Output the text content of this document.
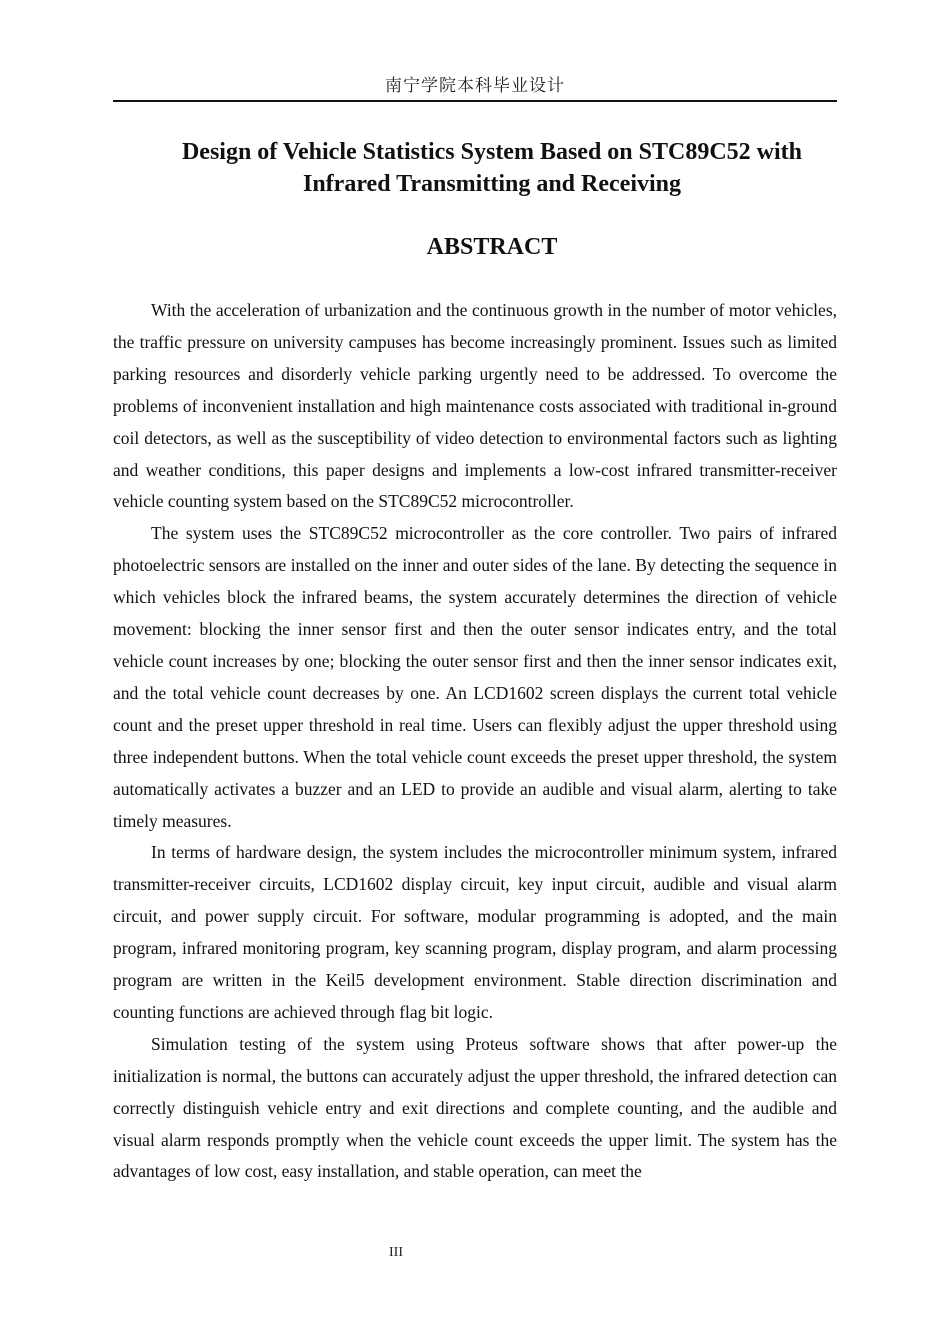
南宁学院本科毕业设计
Design of Vehicle Statistics System Based on STC89C52 with
Infrared Transmitting and Receiving
ABSTRACT

With the acceleration of urbanization and the continuous growth in the number of motor vehicles, the traffic pressure on university campuses has become increasingly prominent. Issues such as limited parking resources and disorderly vehicle parking urgently need to be addressed. To overcome the problems of inconvenient installation and high maintenance costs associated with traditional in-ground coil detectors, as well as the susceptibility of video detection to environmental factors such as lighting and weather conditions, this paper designs and implements a low-cost infrared transmitter-receiver vehicle counting system based on the STC89C52 microcontroller.

The system uses the STC89C52 microcontroller as the core controller. Two pairs of infrared photoelectric sensors are installed on the inner and outer sides of the lane. By detecting the sequence in which vehicles block the infrared beams, the system accurately determines the direction of vehicle movement: blocking the inner sensor first and then the outer sensor indicates entry, and the total vehicle count increases by one; blocking the outer sensor first and then the inner sensor indicates exit, and the total vehicle count decreases by one. An LCD1602 screen displays the current total vehicle count and the preset upper threshold in real time. Users can flexibly adjust the upper threshold using three independent buttons. When the total vehicle count exceeds the preset upper threshold, the system automatically activates a buzzer and an LED to provide an audible and visual alarm, alerting to take timely measures.

In terms of hardware design, the system includes the microcontroller minimum system, infrared transmitter-receiver circuits, LCD1602 display circuit, key input circuit, audible and visual alarm circuit, and power supply circuit. For software, modular programming is adopted, and the main program, infrared monitoring program, key scanning program, display program, and alarm processing program are written in the Keil5 development environment. Stable direction discrimination and counting functions are achieved through flag bit logic.

Simulation testing of the system using Proteus software shows that after power-up the initialization is normal, the buttons can accurately adjust the upper threshold, the infrared detection can correctly distinguish vehicle entry and exit directions and complete counting, and the audible and visual alarm responds promptly when the vehicle count exceeds the upper limit. The system has the advantages of low cost, easy installation, and stable operation, can meet the

III
